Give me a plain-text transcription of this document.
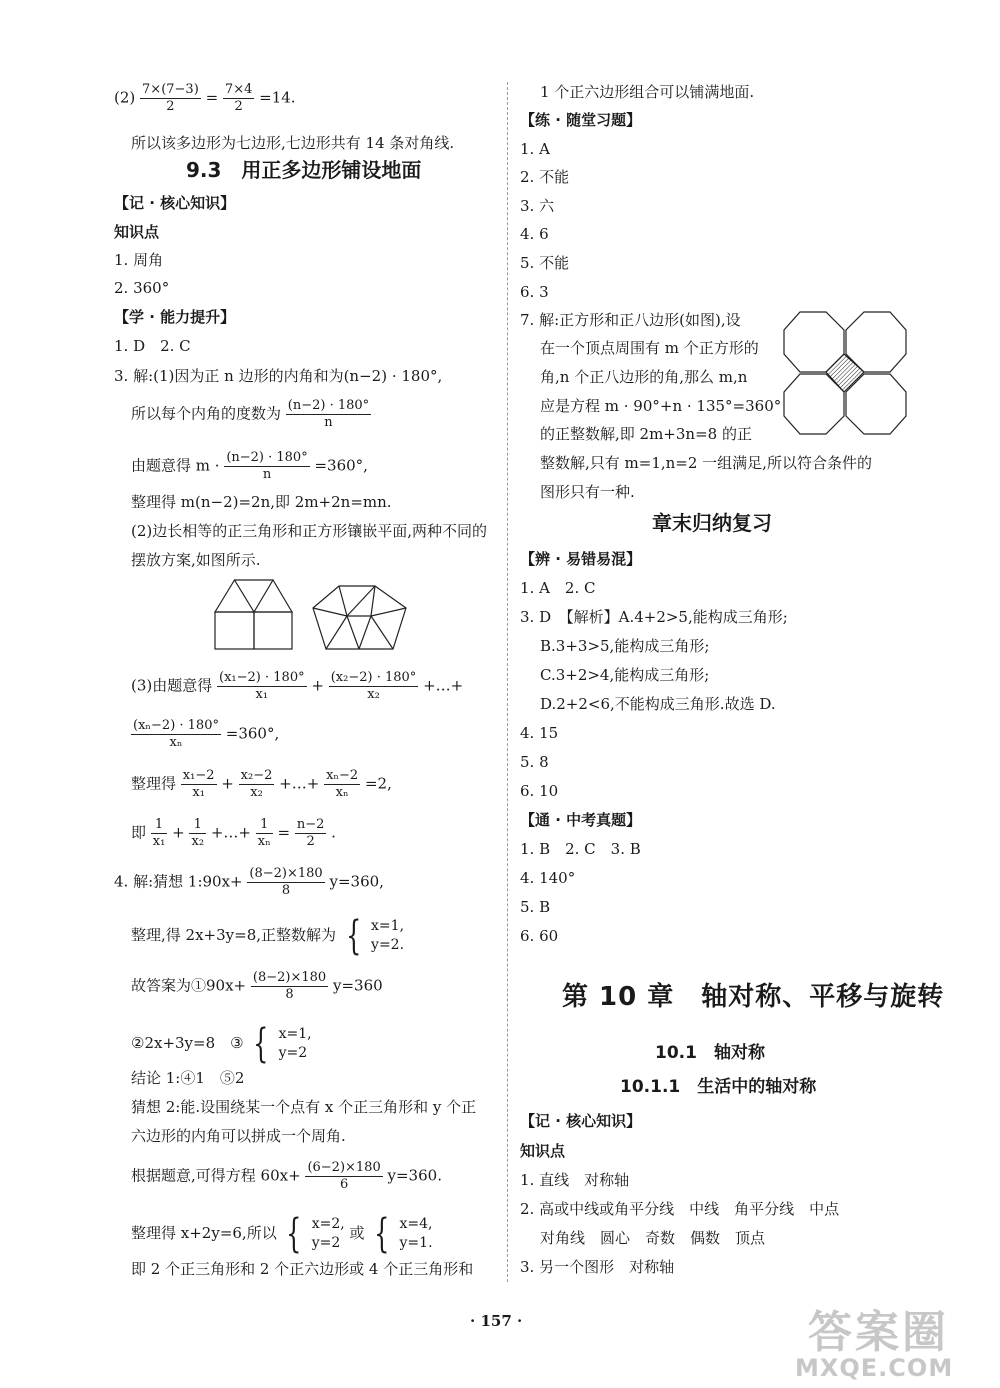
$(2) \frac{7\times(7-3)}{2} = \frac{7\times 4}{2} =14$.
所以该多边形为七边形,七边形共有 14 条对角线.
9.3　用正多边形铺设地面
【记 · 核心知识】
知识点
1. 周角
2. 360°
【学 · 能力提升】
1. D　2. C
3. 解:(1)因为正 n 边形的内角和为(n−2) · 180°,
所以每个内角的度数为 $\frac{(n-2) \cdot 180^\circ}{n}$
由题意得 $m \cdot \frac{(n-2) \cdot 180^\circ}{n} =360^\circ$,
整理得 m(n−2)=2n,即 2m+2n=mn.
(2)边长相等的正三角形和正方形镶嵌平面,两种不同的
摆放方案,如图所示.
(3)由题意得 $\frac{\text{(x₁−2) · 180°}}{\text{x₁}} + \frac{\text{(x₂−2) · 180°}}{\text{x₂}}$ +…+
$\frac{\text{(xₙ−2) · 180°}}{\text{xₙ}} =360^\circ$,
整理得 $\frac{\text{x₁−2}}{\text{x₁}} + \frac{\text{x₂−2}}{\text{x₂}}$ +…+ $\frac{\text{xₙ−2}}{\text{xₙ}} =2$,
即 $\frac{1}{\text{x₁}} + \frac{1}{\text{x₂}}$ +…+ $\frac{1}{\text{xₙ}} = \frac{n-2}{2}$ .
4. 解:猜想 1:90x+ $\frac{(8-2)\times 180}{8} y=360$,
整理,得 2x+3y=8,正整数解为 { x=1,
y=2.
故答案为①90x+ $\frac{(8-2)\times 180}{8} y=360$
②2x+3y=8　③ { x=1,
y=2
结论 1:④1　⑤2
猜想 2:能.设围绕某一个点有 x 个正三角形和 y 个正
六边形的内角可以拼成一个周角.
根据题意,可得方程 $60x+ \frac{(6-2)\times 180}{6} y=360$.
整理得 x+2y=6,所以 { x=2,
y=2 或 { x=4,
y=1.
即 2 个正三角形和 2 个正六边形或 4 个正三角形和
1 个正六边形组合可以铺满地面.
【练 · 随堂习题】
1. A
2. 不能
3. 六
4. 6
5. 不能
6. 3
7. 解:正方形和正八边形(如图),设
在一个顶点周围有 m 个正方形的
角,n 个正八边形的角,那么 m,n
应是方程 m · 90°+n · 135°=360°
的正整数解,即 2m+3n=8 的正
整数解,只有 m=1,n=2 一组满足,所以符合条件的
图形只有一种.
章末归纳复习
【辨 · 易错易混】
1. A　2. C
3. D　【解析】A.4+2>5,能构成三角形;
B.3+3>5,能构成三角形;
C.3+2>4,能构成三角形;
D.2+2<6,不能构成三角形.故选 D.
4. 15
5. 8
6. 10
【通 · 中考真题】
1. B　2. C　3. B
4. 140°
5. B
6. 60
第 10 章　轴对称、平移与旋转
10.1　轴对称
10.1.1　生活中的轴对称
【记 · 核心知识】
知识点
1. 直线　对称轴
2. 高或中线或角平分线　中线　角平分线　中点
对角线　圆心　奇数　偶数　顶点
3. 另一个图形　对称轴
· 157 ·	答案圈
MXQE.COM
